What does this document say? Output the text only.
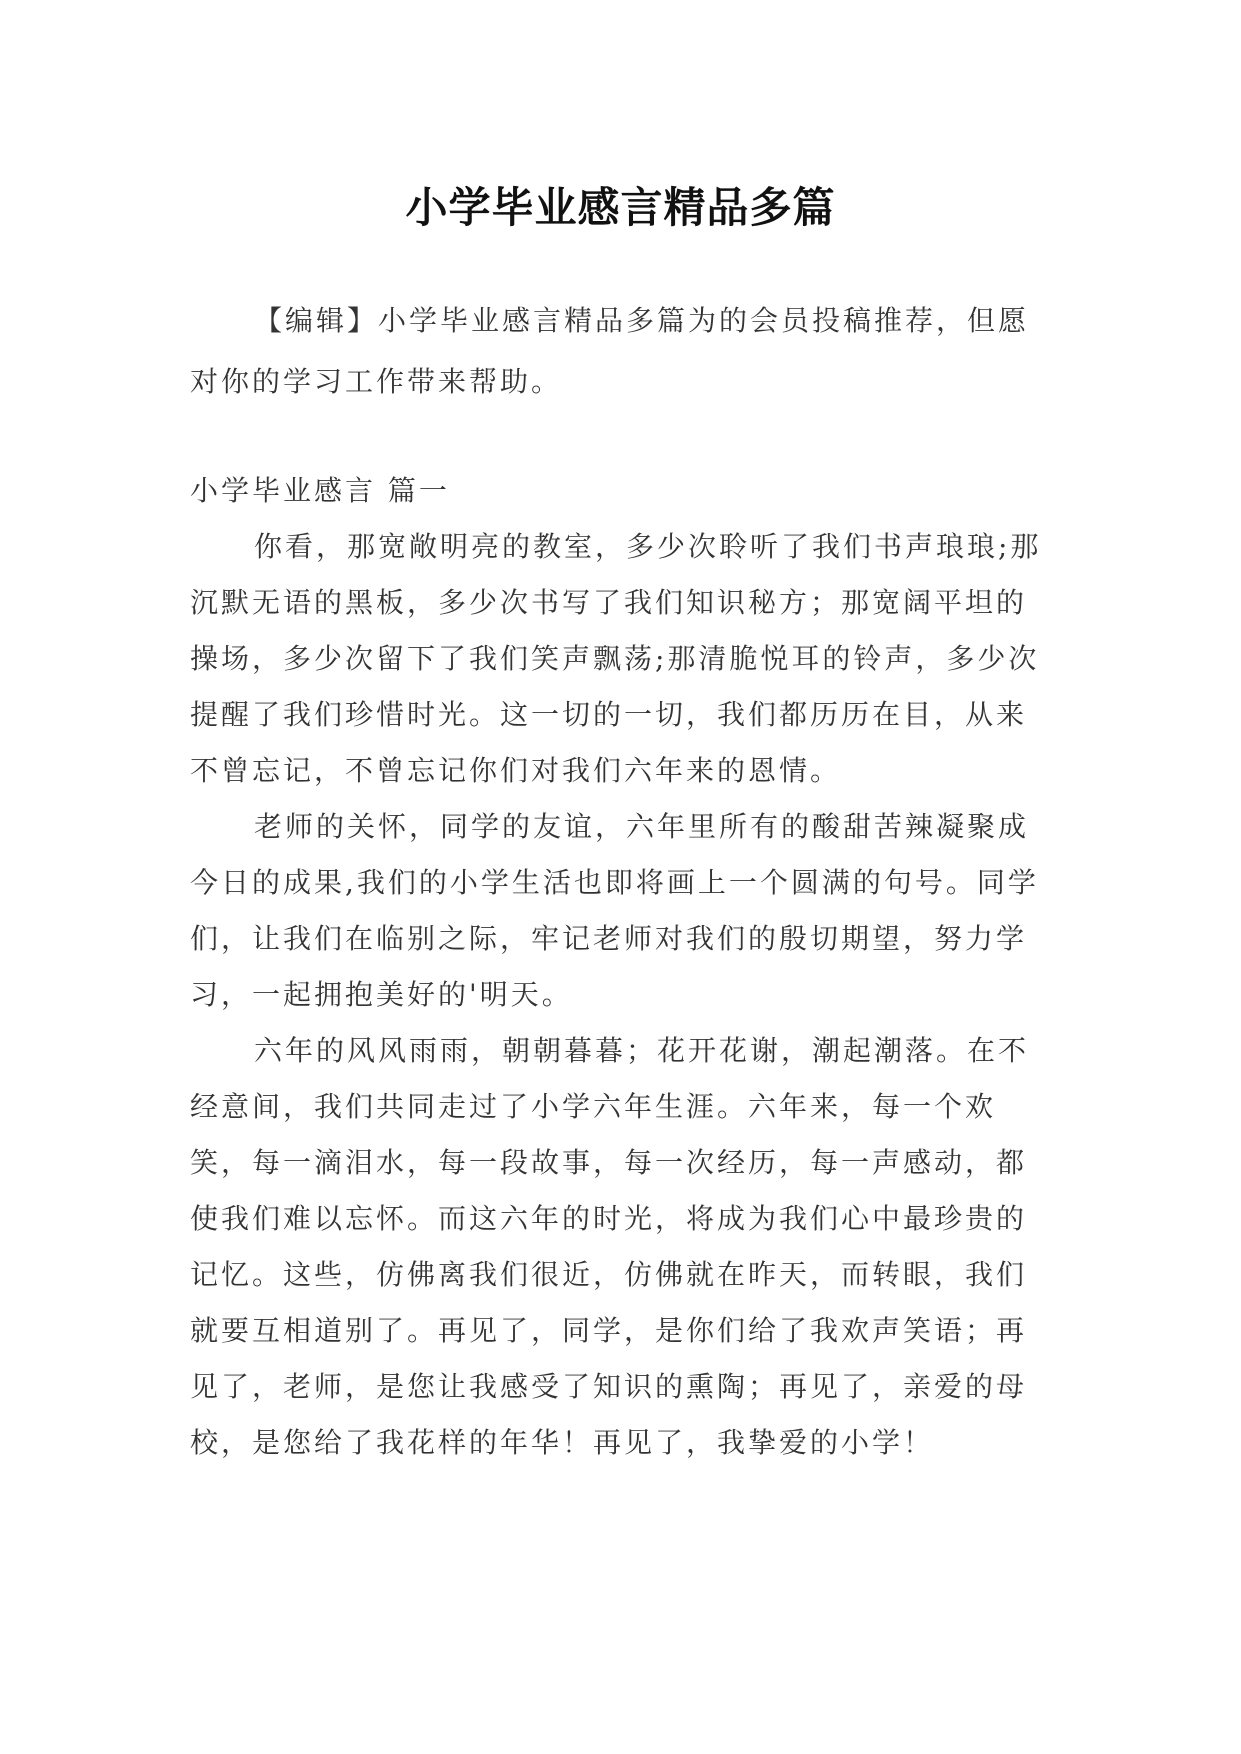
小学毕业感言精品多篇

【编辑】小学毕业感言精品多篇为的会员投稿推荐，但愿对你的学习工作带来帮助。

小学毕业感言 篇一

你看，那宽敞明亮的教室，多少次聆听了我们书声琅琅;那沉默无语的黑板，多少次书写了我们知识秘方；那宽阔平坦的操场，多少次留下了我们笑声飘荡;那清脆悦耳的铃声，多少次提醒了我们珍惜时光。这一切的一切，我们都历历在目，从来不曾忘记，不曾忘记你们对我们六年来的恩情。

老师的关怀，同学的友谊，六年里所有的酸甜苦辣凝聚成今日的成果,我们的小学生活也即将画上一个圆满的句号。同学们，让我们在临别之际，牢记老师对我们的殷切期望，努力学习，一起拥抱美好的'明天。

六年的风风雨雨，朝朝暮暮；花开花谢，潮起潮落。在不经意间，我们共同走过了小学六年生涯。六年来，每一个欢笑，每一滴泪水，每一段故事，每一次经历，每一声感动，都使我们难以忘怀。而这六年的时光，将成为我们心中最珍贵的记忆。这些，仿佛离我们很近，仿佛就在昨天，而转眼，我们就要互相道别了。再见了，同学，是你们给了我欢声笑语；再见了，老师，是您让我感受了知识的熏陶；再见了，亲爱的母校，是您给了我花样的年华！再见了，我挚爱的小学！
